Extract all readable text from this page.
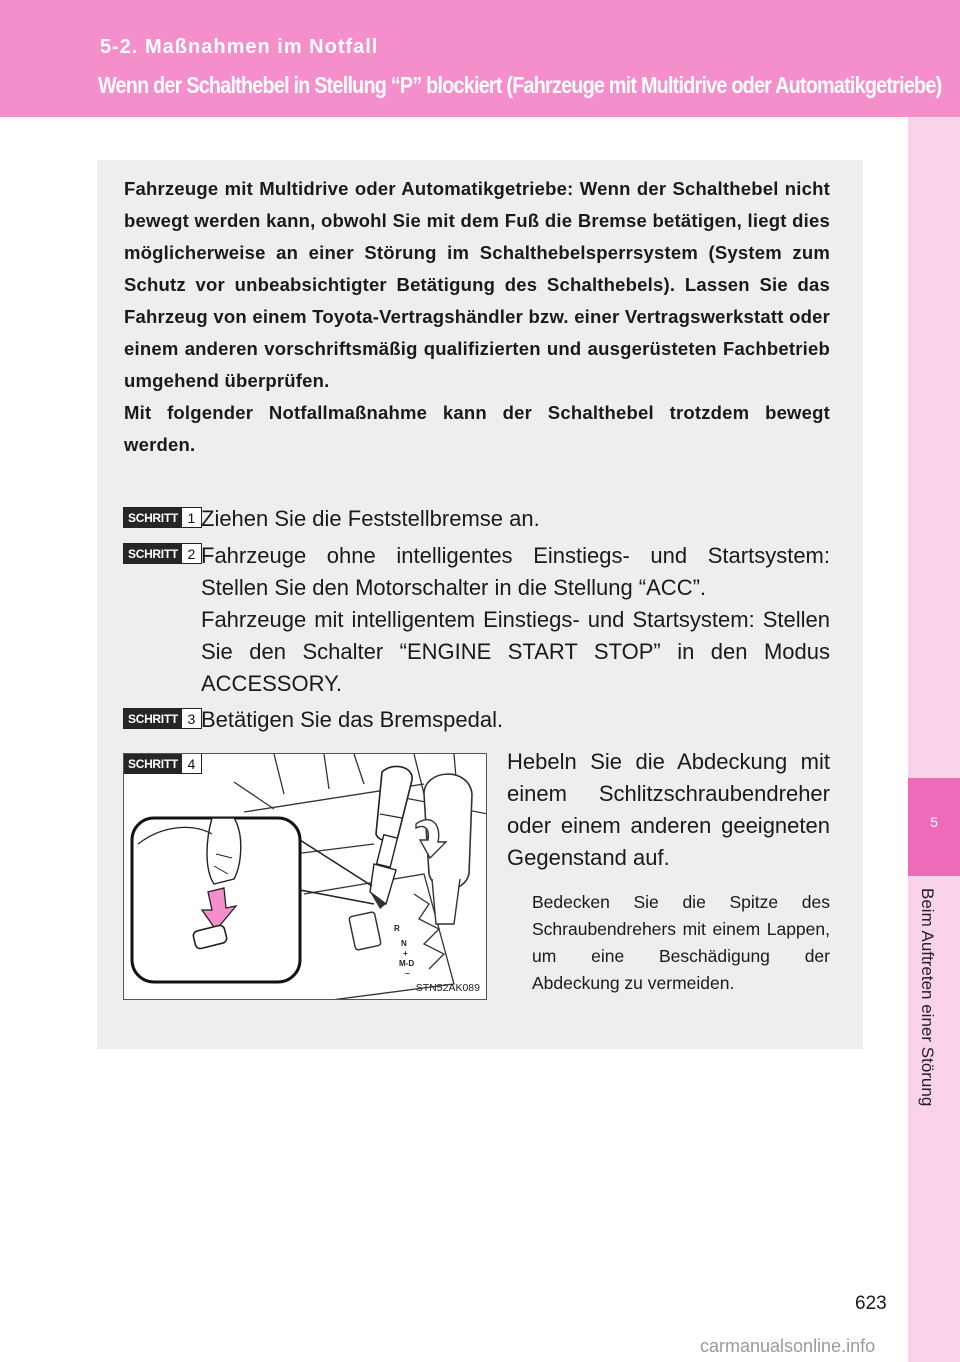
5-2. Maßnahmen im Notfall
Wenn der Schalthebel in Stellung “P” blockiert (Fahrzeuge mit Multidrive oder Automatikgetriebe)
5
Beim Auftreten einer Störung

Fahrzeuge mit Multidrive oder Automatikgetriebe: Wenn der Schalthebel nicht bewegt werden kann, obwohl Sie mit dem Fuß die Bremse betätigen, liegt dies möglicherweise an einer Störung im Schalthebelsperrsystem (System zum Schutz vor unbeabsichtigter Betätigung des Schalthebels). Lassen Sie das Fahrzeug von einem Toyota-Vertragshändler bzw. einer Vertragswerkstatt oder einem anderen vorschriftsmäßig qualifizierten und ausgerüsteten Fachbetrieb umgehend überprüfen.

Mit folgender Notfallmaßnahme kann der Schalthebel trotzdem bewegt werden.

SCHRITT 1 Ziehen Sie die Feststellbremse an.

SCHRITT 2 Fahrzeuge ohne intelligentes Einstiegs- und Startsystem: Stellen Sie den Motorschalter in die Stellung “ACC”.

Fahrzeuge mit intelligentem Einstiegs- und Startsystem: Stellen Sie den Schalter “ENGINE START STOP” in den Modus ACCESSORY.

SCHRITT 3 Betätigen Sie das Bremspedal.

R
N
+
M-D
−
SCHRITT 4
STN52AK089
Hebeln Sie die Abdeckung mit einem Schlitzschraubendreher oder einem anderen geeigneten Gegenstand auf.
Bedecken Sie die Spitze des Schraubendrehers mit einem Lappen, um eine Beschädigung der Abdeckung zu vermeiden.
623
carmanualsonline.info
